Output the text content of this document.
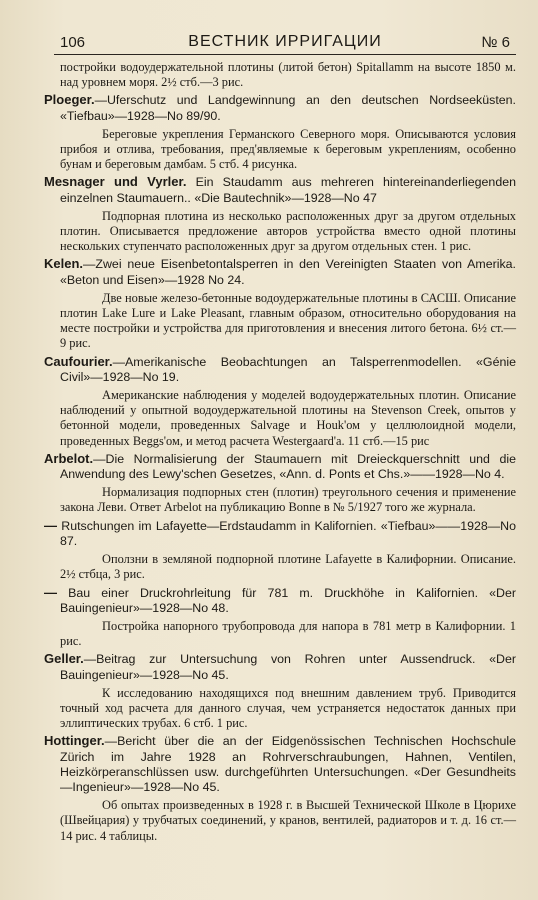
106	ВЕСТНИК ИРРИГАЦИИ	№ 6
постройки водоудержательной плотины (литой бетон) Spitallamm на высоте 1850 м. над уровнем моря. 2½ стб.—3 рис.
Ploeger.—Uferschutz und Landgewinnung an den deutschen Nordseeküsten. «Tiefbau»—1928—No 89/90.
Береговые укрепления Германского Северного моря. Описываются условия прибоя и отлива, требования, пред'являемые к береговым укреплениям, особенно бунам и береговым дамбам. 5 стб. 4 рисунка.
Mesnager und Vyrler. Ein Staudamm aus mehreren hintereinanderliegenden einzelnen Staumauern.. «Die Bautechnik»—1928—No 47
Подпорная плотина из несколько расположенных друг за другом отдельных плотин. Описывается предложение авторов устройства вместо одной плотины нескольких ступенчато расположенных друг за другом отдельных стен. 1 рис.
Kelen.—Zwei neue Eisenbetontalsperren in den Vereinigten Staaten von Amerika. «Beton und Eisen»—1928 No 24.
Две новые железо-бетонные водоудержательные плотины в САСШ. Описание плотин Lake Lure и Lake Pleasant, главным образом, относительно оборудования на месте постройки и устройства для приготовления и внесения литого бетона. 6½ ст.—9 рис.
Caufourier.—Amerikanische Beobachtungen an Talsperrenmodellen. «Génie Civil»—1928—No 19.
Американские наблюдения у моделей водоудержательных плотин. Описание наблюдений у опытной водоудержательной плотины на Stevenson Creek, опытов у бетонной модели, проведенных Salvage и Houk'ом у целлюлоидной модели, проведенных Beggs'ом, и метод расчета Westergaard'a. 11 стб.—15 рис
Arbelot.—Die Normalisierung der Staumauern mit Dreieckquerschnitt und die Anwendung des Lewy'schen Gesetzes, «Ann. d. Ponts et Chs.»——1928—No 4.
Нормализация подпорных стен (плотин) треугольного сечения и применение закона Леви. Ответ Arbelot на публикацию Bonne в № 5/1927 того же журнала.
— Rutschungen im Lafayette—Erdstaudamm in Kalifornien. «Tiefbau»——1928—No 87.
Оползни в земляной подпорной плотине Lafayette в Калифорнии. Описание. 2½ стбца, 3 рис.
— Bau einer Druckrohrleitung für 781 m. Druckhöhe in Kalifornien. «Der Bauingenieur»—1928—No 48.
Постройка напорного трубопровода для напора в 781 метр в Калифорнии. 1 рис.
Geller.—Beitrag zur Untersuchung von Rohren unter Aussendruck. «Der Bauingenieur»—1928—No 45.
К исследованию находящихся под внешним давлением труб. Приводится точный ход расчета для данного случая, чем устраняется недостаток данных при эллиптических трубах. 6 стб. 1 рис.
Hottinger.—Bericht über die an der Eidgenössischen Technischen Hochschule Zürich im Jahre 1928 an Rohrverschraubungen, Hahnen, Ventilen, Heizkörperanschlüssen usw. durchgeführten Untersuchungen. «Der Gesundheits—Ingenieur»—1928—No 45.
Об опытах произведенных в 1928 г. в Высшей Технической Школе в Цюрихе (Швейцария) у трубчатых соединений, у кранов, вентилей, радиаторов и т. д. 16 ст.—14 рис. 4 таблицы.
